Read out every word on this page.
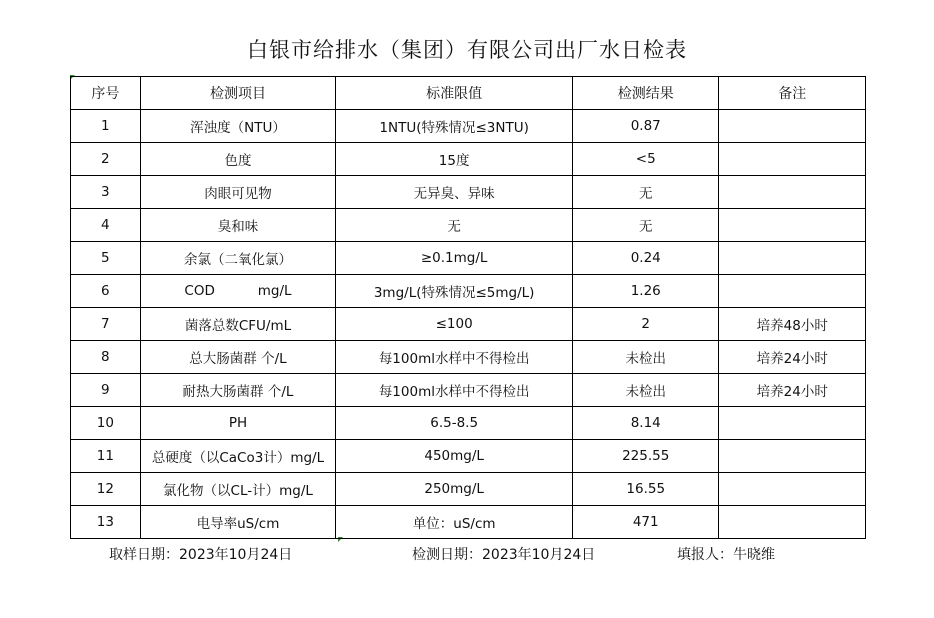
白银市给排水（集团）有限公司出厂水日检表
序号	检测项目	标准限值	检测结果	备注
1	浑浊度（NTU）	1NTU(特殊情况≤3NTU)	0.87	
2	色度	15度	<5	
3	肉眼可见物	无异臭、异味	无	
4	臭和味	无	无	
5	余氯（二氧化氯）	≥0.1mg/L	0.24	
6	COD          mg/L	3mg/L(特殊情况≤5mg/L)	1.26	
7	菌落总数CFU/mL	≤100	2	培养48小时
8	总大肠菌群 个/L	每100ml水样中不得检出	未检出	培养24小时
9	耐热大肠菌群 个/L	每100ml水样中不得检出	未检出	培养24小时
10	PH	6.5-8.5	8.14	
11	总硬度（以CaCo3计）mg/L	450mg/L	225.55	
12	氯化物（以CL-计）mg/L	250mg/L	16.55	
13	电导率uS/cm	单位：uS/cm	471	
取样日期：2023年10月24日	检测日期：2023年10月24日	填报人：牛晓维
